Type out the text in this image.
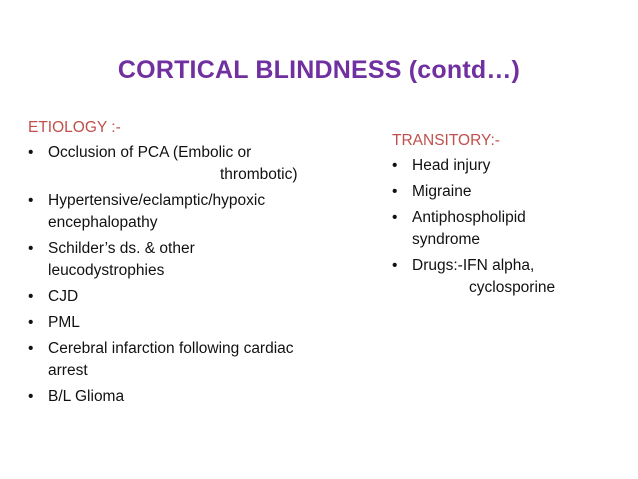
CORTICAL BLINDNESS (contd…)
ETIOLOGY :-
• Occlusion of PCA (Embolic or
thrombotic)
• Hypertensive/eclamptic/hypoxic
encephalopathy
• Schilder’s ds. & other
leucodystrophies
• CJD
• PML
• Cerebral infarction following cardiac
arrest
• B/L Glioma
TRANSITORY:-
• Head injury
• Migraine
• Antiphospholipid
syndrome
• Drugs:-IFN alpha,
cyclosporine
